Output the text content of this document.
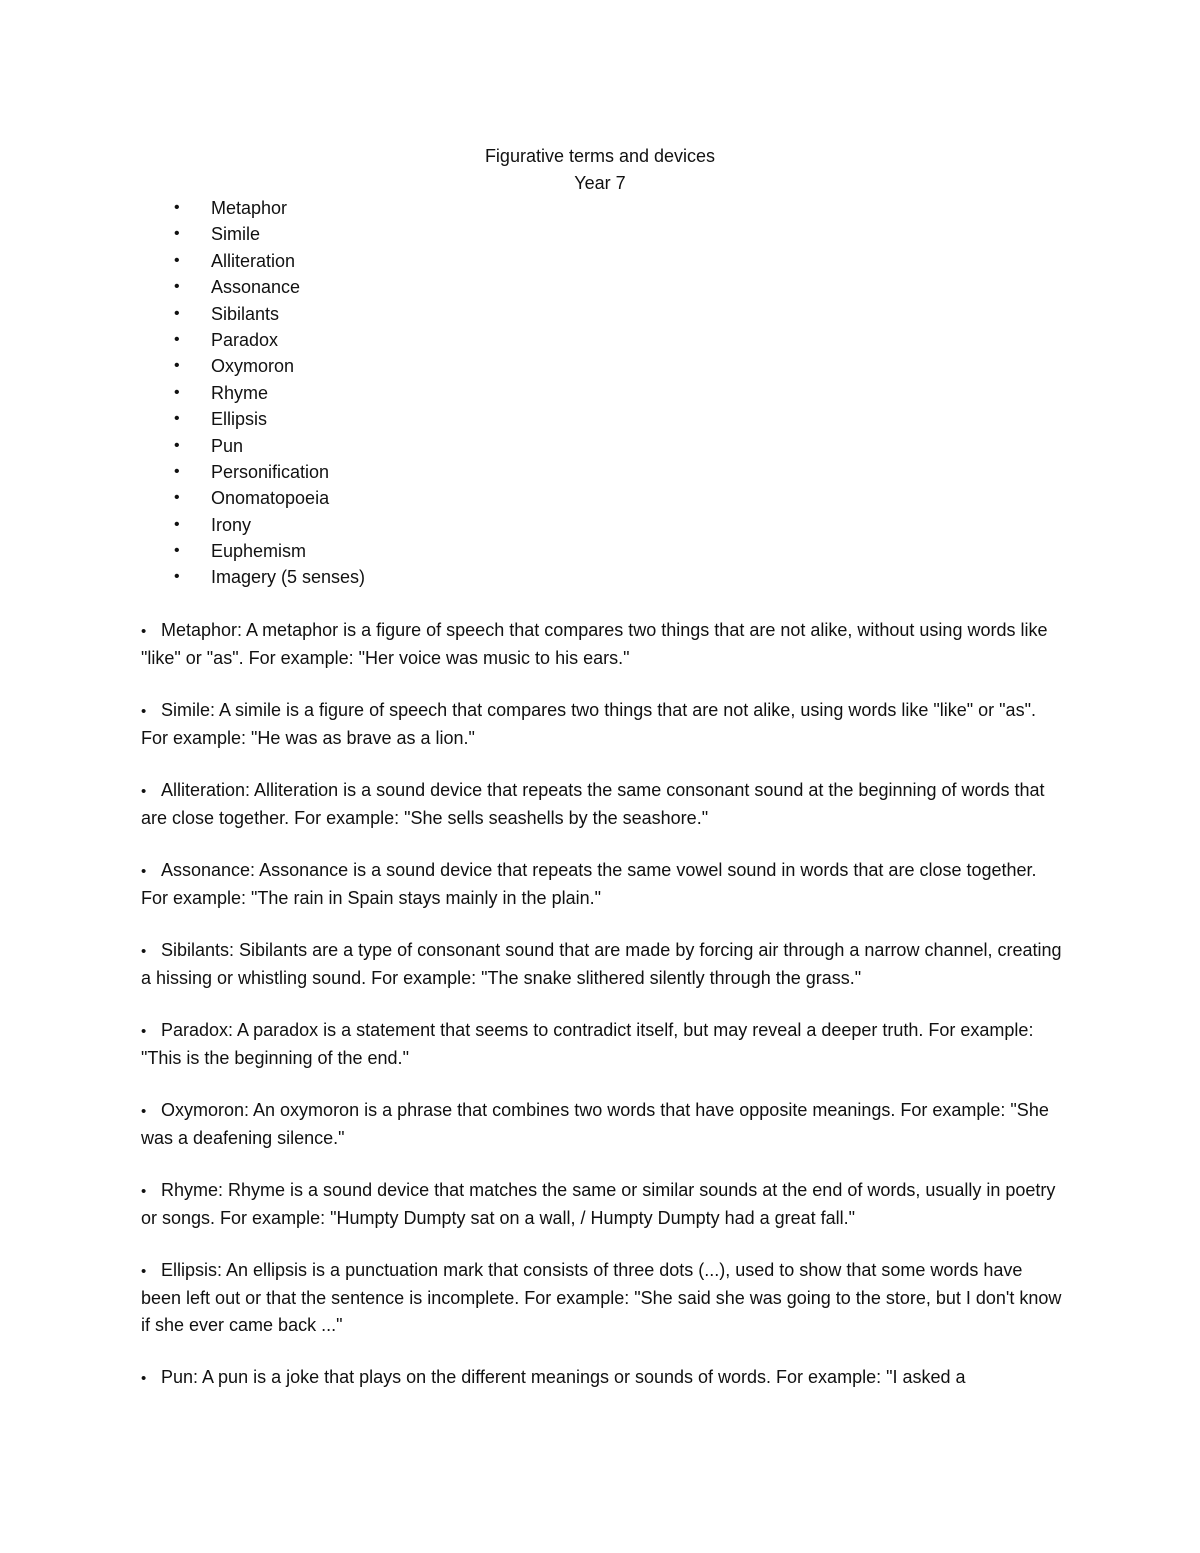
Figurative terms and devices
Year 7
• Metaphor
• Simile
• Alliteration
• Assonance
• Sibilants
• Paradox
• Oxymoron
• Rhyme
• Ellipsis
• Pun
• Personification
• Onomatopoeia
• Irony
• Euphemism
• Imagery (5 senses)

• Metaphor: A metaphor is a figure of speech that compares two things that are not alike, without using words like "like" or "as". For example: "Her voice was music to his ears."

• Simile: A simile is a figure of speech that compares two things that are not alike, using words like "like" or "as". For example: "He was as brave as a lion."

• Alliteration: Alliteration is a sound device that repeats the same consonant sound at the beginning of words that are close together. For example: "She sells seashells by the seashore."

• Assonance: Assonance is a sound device that repeats the same vowel sound in words that are close together. For example: "The rain in Spain stays mainly in the plain."

• Sibilants: Sibilants are a type of consonant sound that are made by forcing air through a narrow channel, creating a hissing or whistling sound. For example: "The snake slithered silently through the grass."

• Paradox: A paradox is a statement that seems to contradict itself, but may reveal a deeper truth. For example: "This is the beginning of the end."

• Oxymoron: An oxymoron is a phrase that combines two words that have opposite meanings. For example: "She was a deafening silence."

• Rhyme: Rhyme is a sound device that matches the same or similar sounds at the end of words, usually in poetry or songs. For example: "Humpty Dumpty sat on a wall, / Humpty Dumpty had a great fall."

• Ellipsis: An ellipsis is a punctuation mark that consists of three dots (...), used to show that some words have been left out or that the sentence is incomplete. For example: "She said she was going to the store, but I don't know if she ever came back ..."

• Pun: A pun is a joke that plays on the different meanings or sounds of words. For example: "I asked a
